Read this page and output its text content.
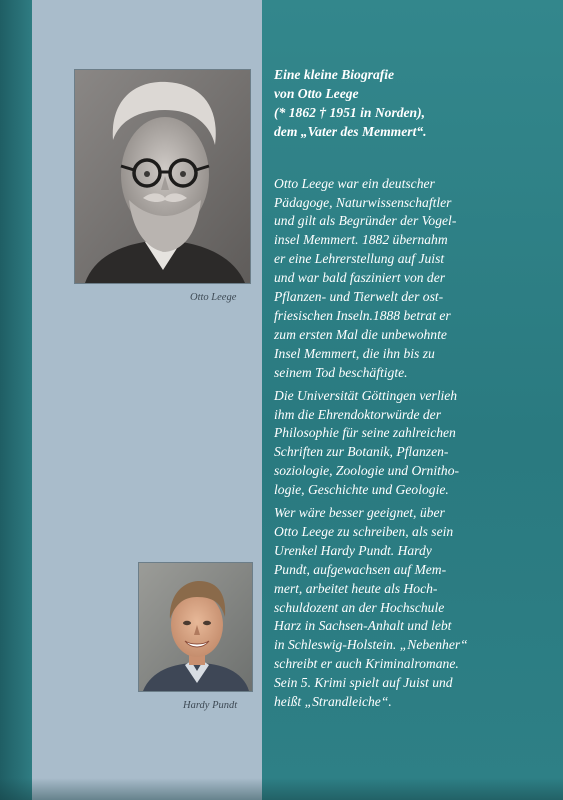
Otto Leege
Hardy Pundt
Eine kleine Biografie
von Otto Leege
(* 1862 † 1951 in Norden),
dem „Vater des Memmert“.
Otto Leege war ein deutscher
Pädagoge, Naturwissenschaftler
und gilt als Begründer der Vogel-
insel Memmert. 1882 übernahm
er eine Lehrerstellung auf Juist
und war bald fasziniert von der
Pflanzen- und Tierwelt der ost-
friesischen Inseln.1888 betrat er
zum ersten Mal die unbewohnte
Insel Memmert, die ihn bis zu
seinem Tod beschäftigte.
Die Universität Göttingen verlieh
ihm die Ehrendoktorwürde der
Philosophie für seine zahlreichen
Schriften zur Botanik, Pflanzen-
soziologie, Zoologie und Ornitho-
logie, Geschichte und Geologie.
Wer wäre besser geeignet, über
Otto Leege zu schreiben, als sein
Urenkel Hardy Pundt. Hardy
Pundt, aufgewachsen auf Mem-
mert, arbeitet heute als Hoch-
schuldozent an der Hochschule
Harz in Sachsen-Anhalt und lebt
in Schleswig-Holstein. „Nebenher“
schreibt er auch Kriminalromane.
Sein 5. Krimi spielt auf Juist und
heißt „Strandleiche“.
